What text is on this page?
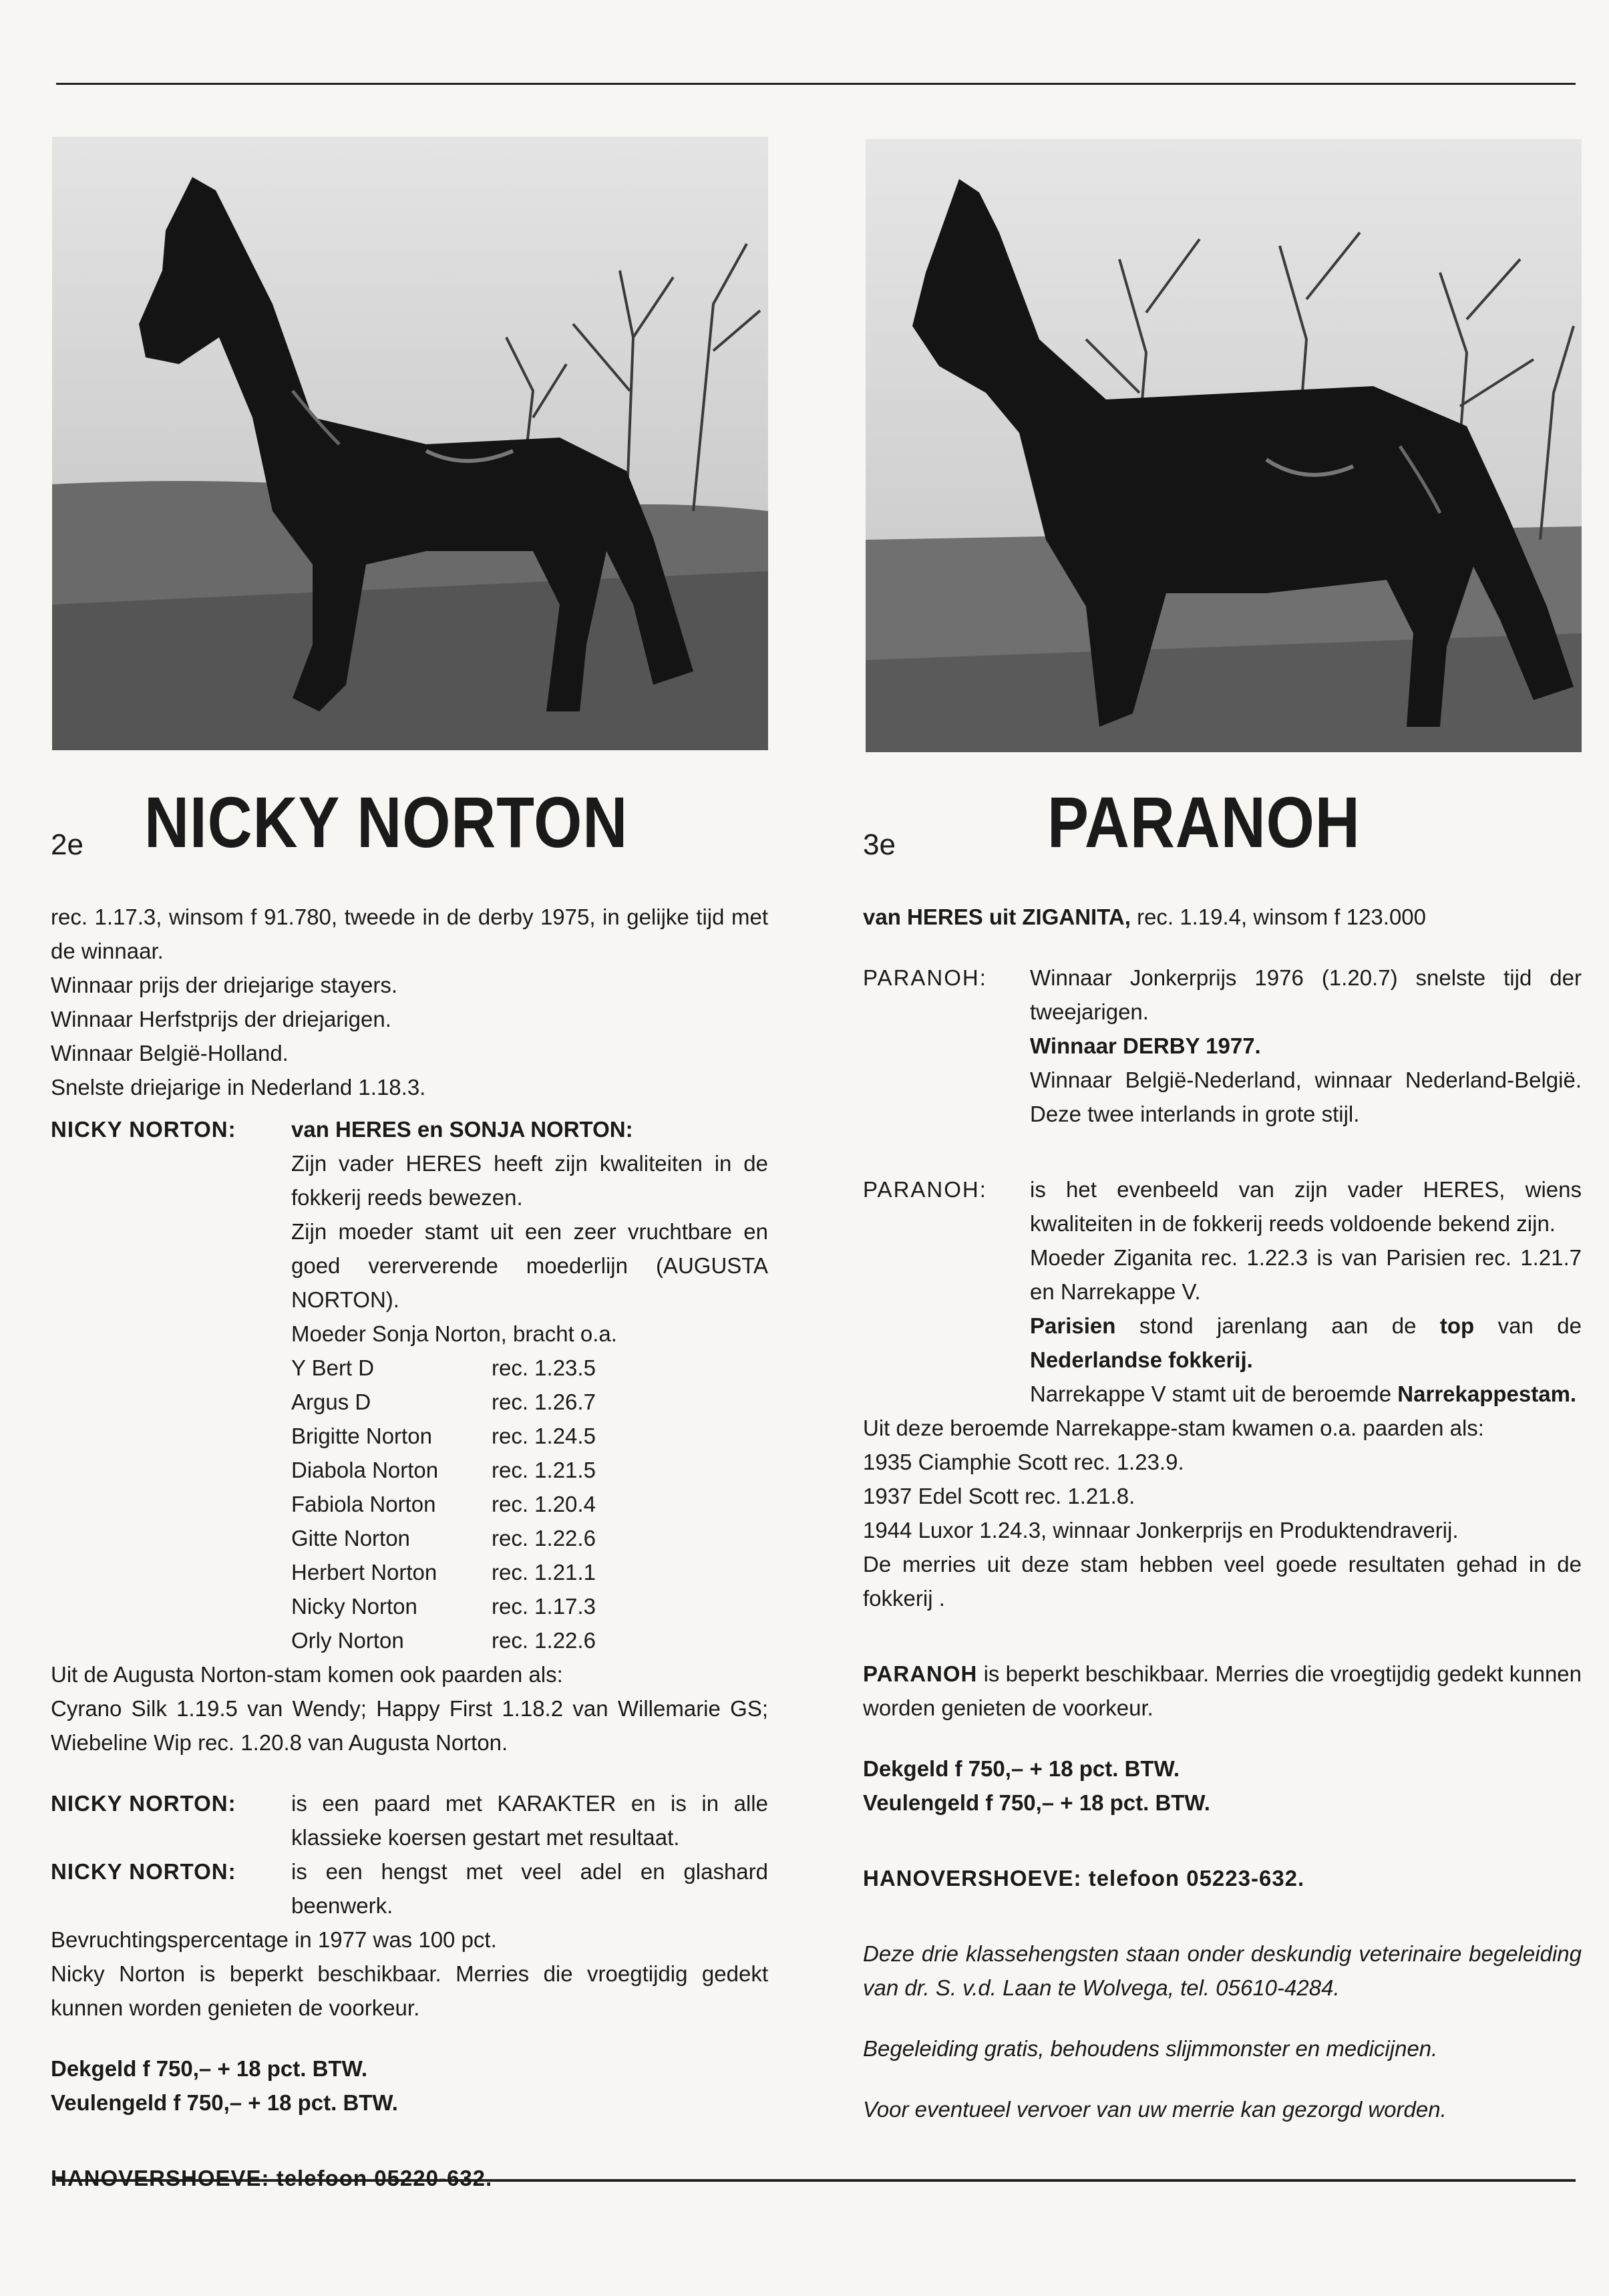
2e NICKY NORTON	3e PARANOH

rec. 1.17.3, winsom f 91.780, tweede in de derby 1975, in gelijke tijd met de winnaar.

Winnaar prijs der driejarige stayers.

Winnaar Herfstprijs der driejarigen.

Winnaar België-Holland.

Snelste driejarige in Nederland 1.18.3.

NICKY NORTON:	van HERES en SONJA NORTON:

Zijn vader HERES heeft zijn kwaliteiten in de fokkerij reeds bewezen.

Zijn moeder stamt uit een zeer vruchtbare en goed vererverende moederlijn (AUGUSTA NORTON).

Moeder Sonja Norton, bracht o.a.

Y Bert D	rec. 1.23.5
Argus D	rec. 1.26.7
Brigitte Norton	rec. 1.24.5
Diabola Norton	rec. 1.21.5
Fabiola Norton	rec. 1.20.4
Gitte Norton	rec. 1.22.6
Herbert Norton	rec. 1.21.1
Nicky Norton	rec. 1.17.3
Orly Norton	rec. 1.22.6

Uit de Augusta Norton-stam komen ook paarden als:

Cyrano Silk 1.19.5 van Wendy; Happy First 1.18.2 van Willemarie GS; Wiebeline Wip rec. 1.20.8 van Augusta Norton.

NICKY NORTON:	is een paard met KARAKTER en is in alle klassieke koersen gestart met resultaat.

NICKY NORTON:	is een hengst met veel adel en glashard beenwerk.

Bevruchtingspercentage in 1977 was 100 pct.

Nicky Norton is beperkt beschikbaar. Merries die vroegtijdig gedekt kunnen worden genieten de voorkeur.

Dekgeld f 750,– + 18 pct. BTW.

Veulengeld f 750,– + 18 pct. BTW.

HANOVERSHOEVE: telefoon 05220-632.

van HERES uit ZIGANITA, rec. 1.19.4, winsom f 123.000

PARANOH:	Winnaar Jonkerprijs 1976 (1.20.7) snelste tijd der tweejarigen.

Winnaar DERBY 1977.

Winnaar België-Nederland, winnaar Nederland-België. Deze twee interlands in grote stijl.

PARANOH:	is het evenbeeld van zijn vader HERES, wiens kwaliteiten in de fokkerij reeds voldoende bekend zijn.

Moeder Ziganita rec. 1.22.3 is van Parisien rec. 1.21.7 en Narrekappe V.

Parisien stond jarenlang aan de top van de Nederlandse fokkerij.

Narrekappe V stamt uit de beroemde Narrekappestam.

Uit deze beroemde Narrekappe-stam kwamen o.a. paarden als:

1935 Ciamphie Scott rec. 1.23.9.

1937 Edel Scott rec. 1.21.8.

1944 Luxor 1.24.3, winnaar Jonkerprijs en Produktendraverij.

De merries uit deze stam hebben veel goede resultaten gehad in de fokkerij .

PARANOH is beperkt beschikbaar. Merries die vroegtijdig gedekt kunnen worden genieten de voorkeur.

Dekgeld f 750,– + 18 pct. BTW.

Veulengeld f 750,– + 18 pct. BTW.

HANOVERSHOEVE: telefoon 05223-632.

Deze drie klassehengsten staan onder deskundig veterinaire begeleiding van dr. S. v.d. Laan te Wolvega, tel. 05610-4284.

Begeleiding gratis, behoudens slijmmonster en medicijnen.

Voor eventueel vervoer van uw merrie kan gezorgd worden.
